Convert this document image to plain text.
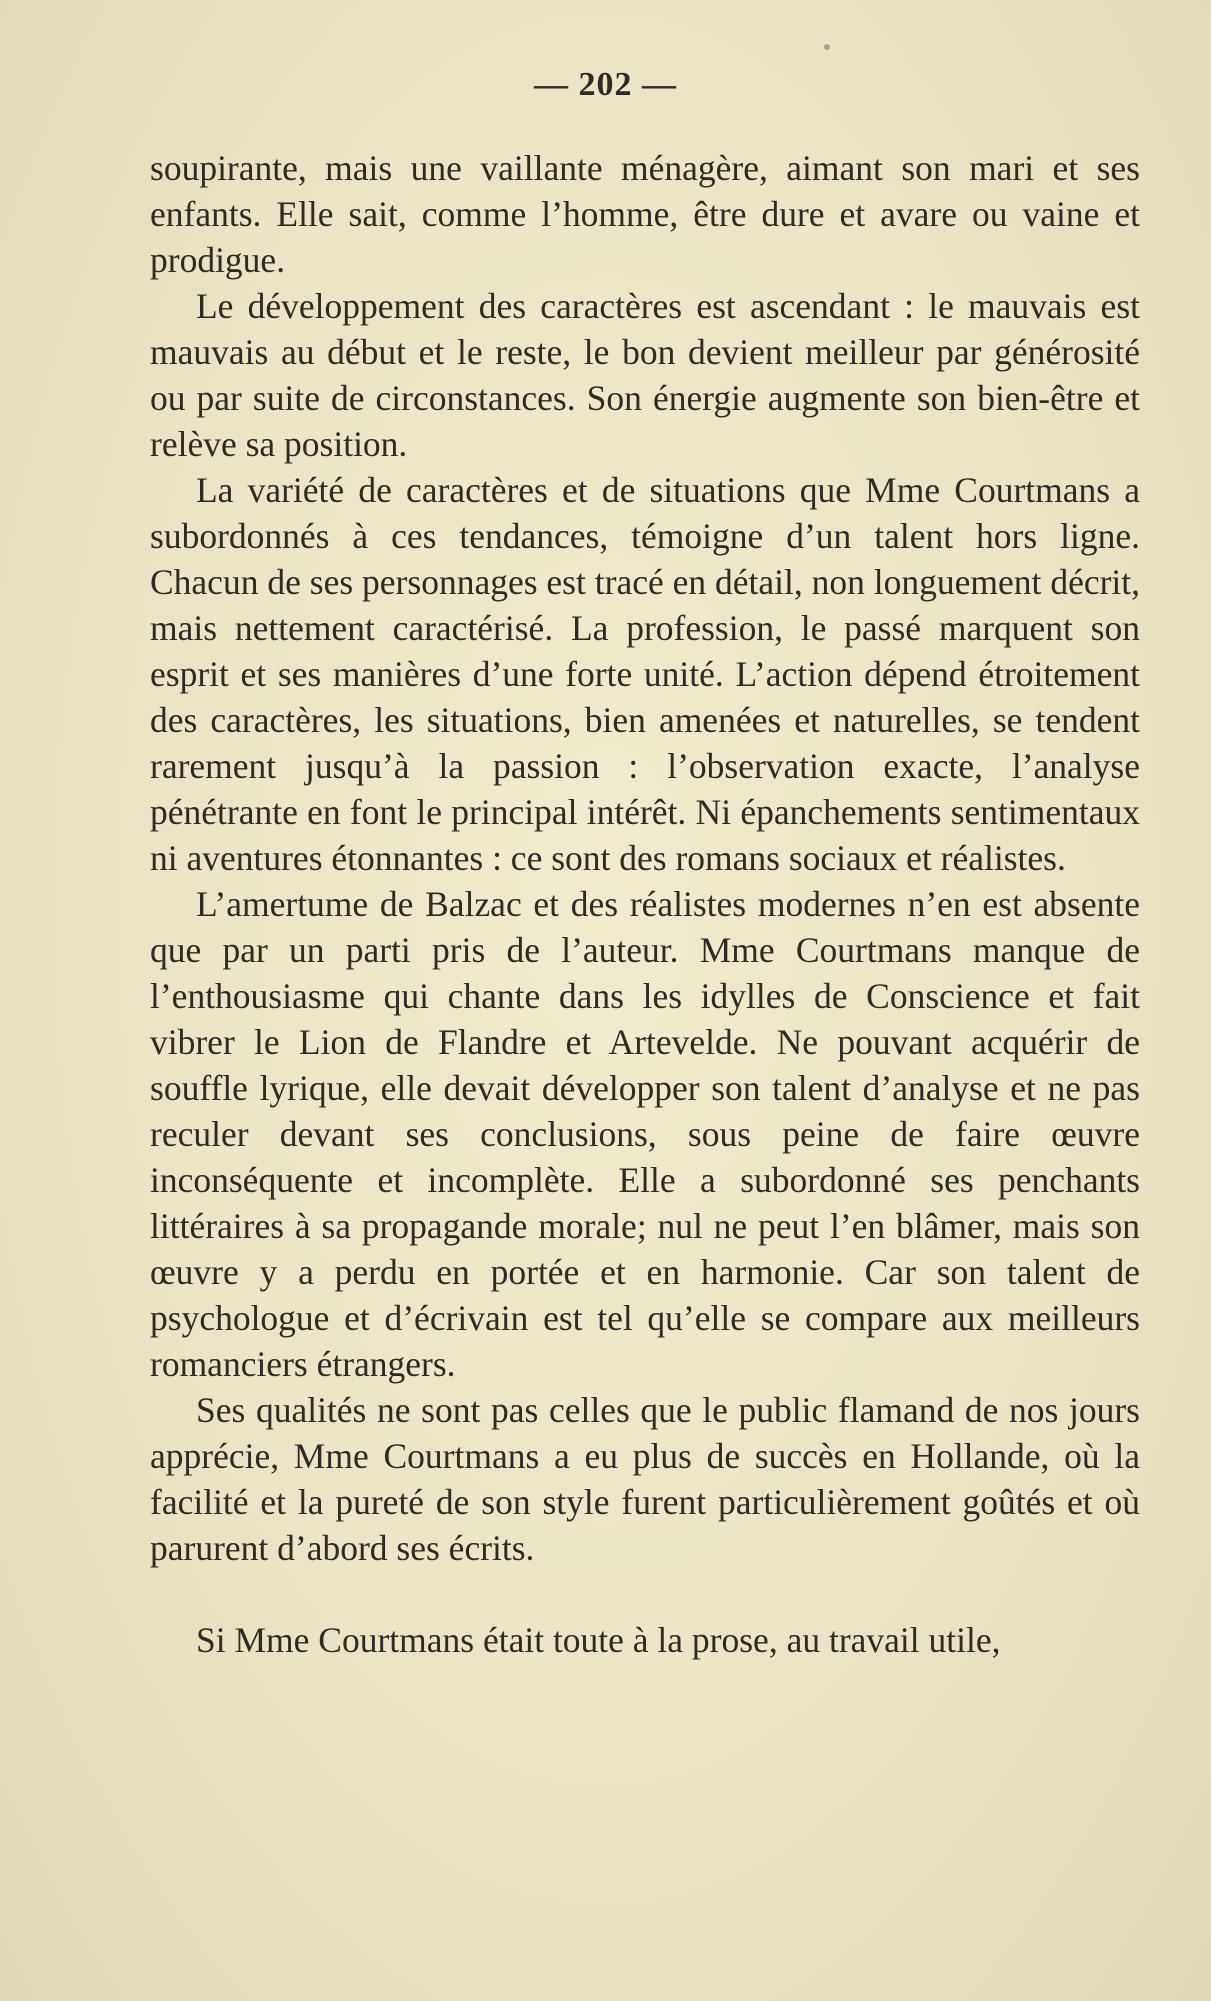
— 202 —

soupirante, mais une vaillante ménagère, aimant son mari et ses enfants. Elle sait, comme l’homme, être dure et avare ou vaine et prodigue.

Le développement des caractères est ascendant : le mauvais est mauvais au début et le reste, le bon devient meilleur par générosité ou par suite de circonstances. Son énergie augmente son bien-être et relève sa position.

La variété de caractères et de situations que Mme Courtmans a subordonnés à ces tendances, témoigne d’un talent hors ligne. Chacun de ses personnages est tracé en détail, non longuement décrit, mais nettement caractérisé. La profession, le passé marquent son esprit et ses manières d’une forte unité. L’action dépend étroitement des caractères, les situations, bien amenées et naturelles, se tendent rarement jusqu’à la passion : l’observation exacte, l’analyse pénétrante en font le principal intérêt. Ni épanchements sentimentaux ni aventures étonnantes : ce sont des romans sociaux et réalistes.

L’amertume de Balzac et des réalistes modernes n’en est absente que par un parti pris de l’auteur. Mme Courtmans manque de l’enthousiasme qui chante dans les idylles de Conscience et fait vibrer le Lion de Flandre et Artevelde. Ne pouvant acquérir de souffle lyrique, elle devait développer son talent d’analyse et ne pas reculer devant ses conclusions, sous peine de faire œuvre inconséquente et incomplète. Elle a subordonné ses penchants littéraires à sa propagande morale; nul ne peut l’en blâmer, mais son œuvre y a perdu en portée et en harmonie. Car son talent de psychologue et d’écrivain est tel qu’elle se compare aux meilleurs romanciers étrangers.

Ses qualités ne sont pas celles que le public flamand de nos jours apprécie, Mme Courtmans a eu plus de succès en Hollande, où la facilité et la pureté de son style furent particulièrement goûtés et où parurent d’abord ses écrits.

Si Mme Courtmans était toute à la prose, au travail utile,
